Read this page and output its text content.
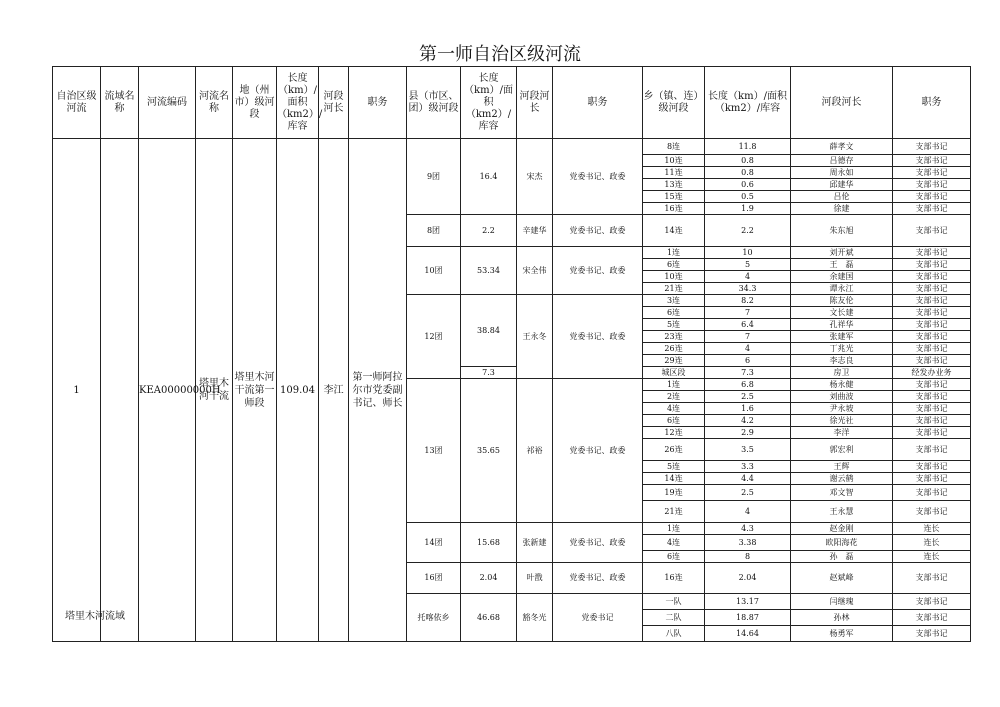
第一师自治区级河流
自治区级河流	流域名称	河流编码	河流名称	地（州市）级河段	长度（km）/面积（km2）/库容	河段河长	职务	县（市区、团）级河段	长度（km）/面积（km2）/库容	河段河长	职务	乡（镇、连）级河段	长度（km）/面积（km2）/库容	河段河长	职务
1		KEA00000000H	塔里木河干流	塔里木河干流第一师段	109.04	李江	第一师阿拉尔市党委副书记、师长	9团	16.4	宋杰	党委书记、政委	8连	11.8	薛孝文	支部书记
												10连	0.8	吕德存	支部书记
												11连	0.8	周永如	支部书记
												13连	0.6	邱建华	支部书记
												15连	0.5	吕伦	支部书记
												16连	1.9	徐建	支部书记
								8团	2.2	辛建华	党委书记、政委	14连	2.2	朱东旭	支部书记
								10团	53.34	宋全伟	党委书记、政委	1连	10	刘开斌	支部书记
												6连	5	王　磊	支部书记
												10连	4	余建国	支部书记
												21连	34.3	谭永江	支部书记
								12团	38.84	王永冬	党委书记、政委	3连	8.2	陈友伦	支部书记
												6连	7	文长建	支部书记
												5连	6.4	孔祥华	支部书记
												23连	7	张建军	支部书记
												26连	4	丁兆光	支部书记
												29连	6	李志良	支部书记
									7.3			城区段	7.3	房卫	经发办业务
								13团	35.65	祁裕	党委书记、政委	1连	6.8	杨永健	支部书记
												2连	2.5	刘曲波	支部书记
												4连	1.6	尹永坡	支部书记
												6连	4.2	徐光社	支部书记
												12连	2.9	李洋	支部书记
												26连	3.5	郭宏利	支部书记
												5连	3.3	王辉	支部书记
												14连	4.4	谢云鹤	支部书记
												19连	2.5	邓文智	支部书记
												21连	4	王永慧	支部书记
								14团	15.68	张新建	党委书记、政委	1连	4.3	赵金刚	连长
												4连	3.38	欧阳海花	连长
												6连	8	孙　磊	连长
								16团	2.04	叶戬	党委书记、政委	16连	2.04	赵斌峰	支部书记
								托喀依乡	46.68	豁冬光	党委书记	一队	13.17	闫继瑰	支部书记
												二队	18.87	孙林	支部书记
												八队	14.64	杨勇军	支部书记
塔里木河流域
